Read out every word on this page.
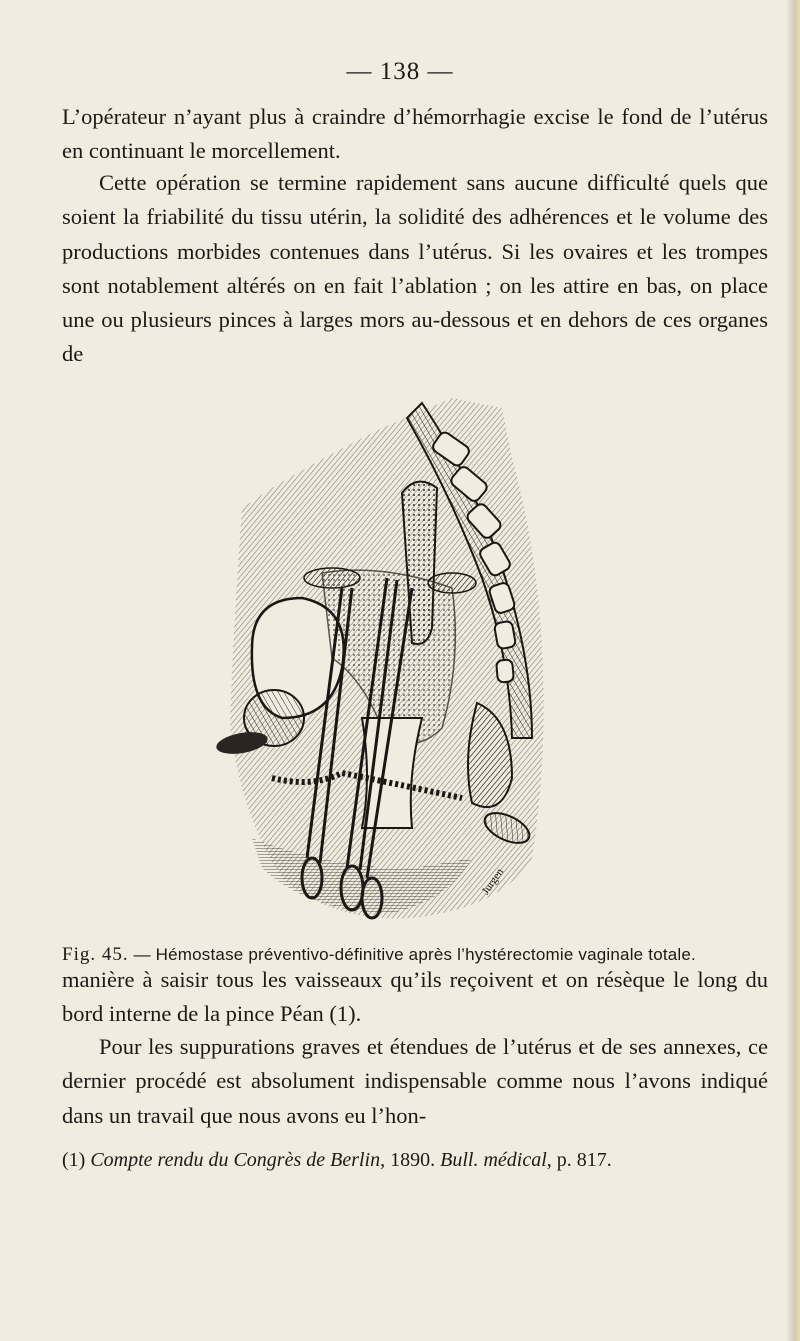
— 138 —

L’opérateur n’ayant plus à craindre d’hémorrhagie excise le fond de l’utérus en continuant le morcellement.

Cette opération se termine rapidement sans aucune difficulté quels que soient la friabilité du tissu utérin, la solidité des adhérences et le volume des productions morbides contenues dans l’utérus. Si les ovaires et les trompes sont notablement altérés on en fait l’ablation ; on les attire en bas, on place une ou plusieurs pinces à larges mors au-dessous et en dehors de ces organes de

Jurgen
Fig. 45. — Hémostase préventivo-définitive après l’hystérectomie vaginale totale.

manière à saisir tous les vaisseaux qu’ils reçoivent et on résèque le long du bord interne de la pince Péan (1).

Pour les suppurations graves et étendues de l’utérus et de ses annexes, ce dernier procédé est absolument indispensable comme nous l’avons indiqué dans un travail que nous avons eu l’hon-

(1) Compte rendu du Congrès de Berlin, 1890. Bull. médical, p. 817.
